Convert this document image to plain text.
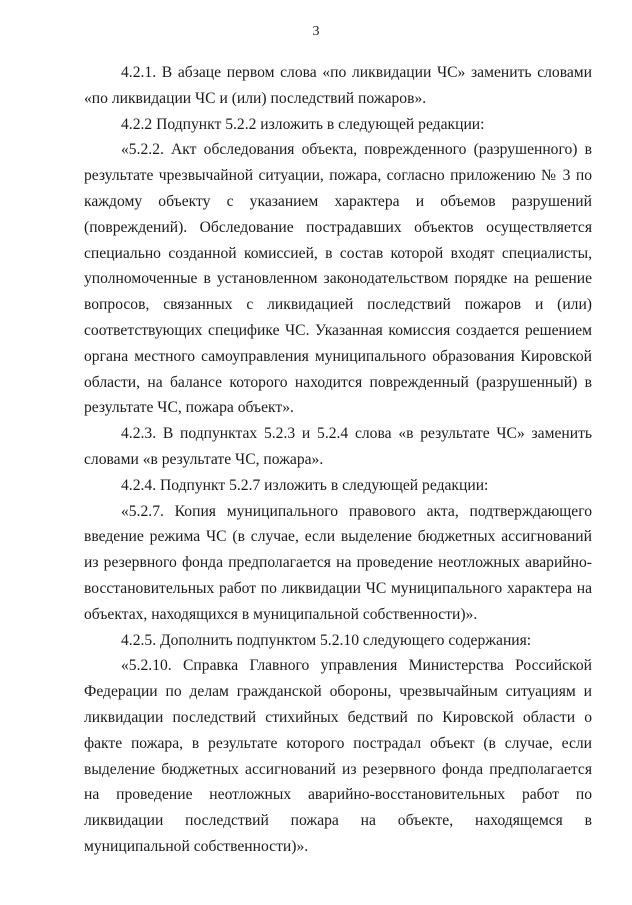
3

4.2.1. В абзаце первом слова «по ликвидации ЧС» заменить словами «по ликвидации ЧС и (или) последствий пожаров».

4.2.2 Подпункт 5.2.2 изложить в следующей редакции:

«5.2.2. Акт обследования объекта, поврежденного (разрушенного) в результате чрезвычайной ситуации, пожара, согласно приложению № 3 по каждому объекту с указанием характера и объемов разрушений (повреждений). Обследование пострадавших объектов осуществляется специально созданной комиссией, в состав которой входят специалисты, уполномоченные в установленном законодательством порядке на решение вопросов, связанных с ликвидацией последствий пожаров и (или) соответствующих специфике ЧС. Указанная комиссия создается решением органа местного самоуправления муниципального образования Кировской области, на балансе которого находится поврежденный (разрушенный) в результате ЧС, пожара объект».

4.2.3. В подпунктах 5.2.3 и 5.2.4 слова «в результате ЧС» заменить словами «в результате ЧС, пожара».

4.2.4. Подпункт 5.2.7 изложить в следующей редакции:

«5.2.7. Копия муниципального правового акта, подтверждающего введение режима ЧС (в случае, если выделение бюджетных ассигнований из резервного фонда предполагается на проведение неотложных аварийно-восстановительных работ по ликвидации ЧС муниципального характера на объектах, находящихся в муниципальной собственности)».

4.2.5. Дополнить подпунктом 5.2.10 следующего содержания:

«5.2.10. Справка Главного управления Министерства Российской Федерации по делам гражданской обороны, чрезвычайным ситуациям и ликвидации последствий стихийных бедствий по Кировской области о факте пожара, в результате которого пострадал объект (в случае, если выделение бюджетных ассигнований из резервного фонда предполагается на проведение неотложных аварийно-восстановительных работ по ликвидации последствий пожара на объекте, находящемся в муниципальной собственности)».
